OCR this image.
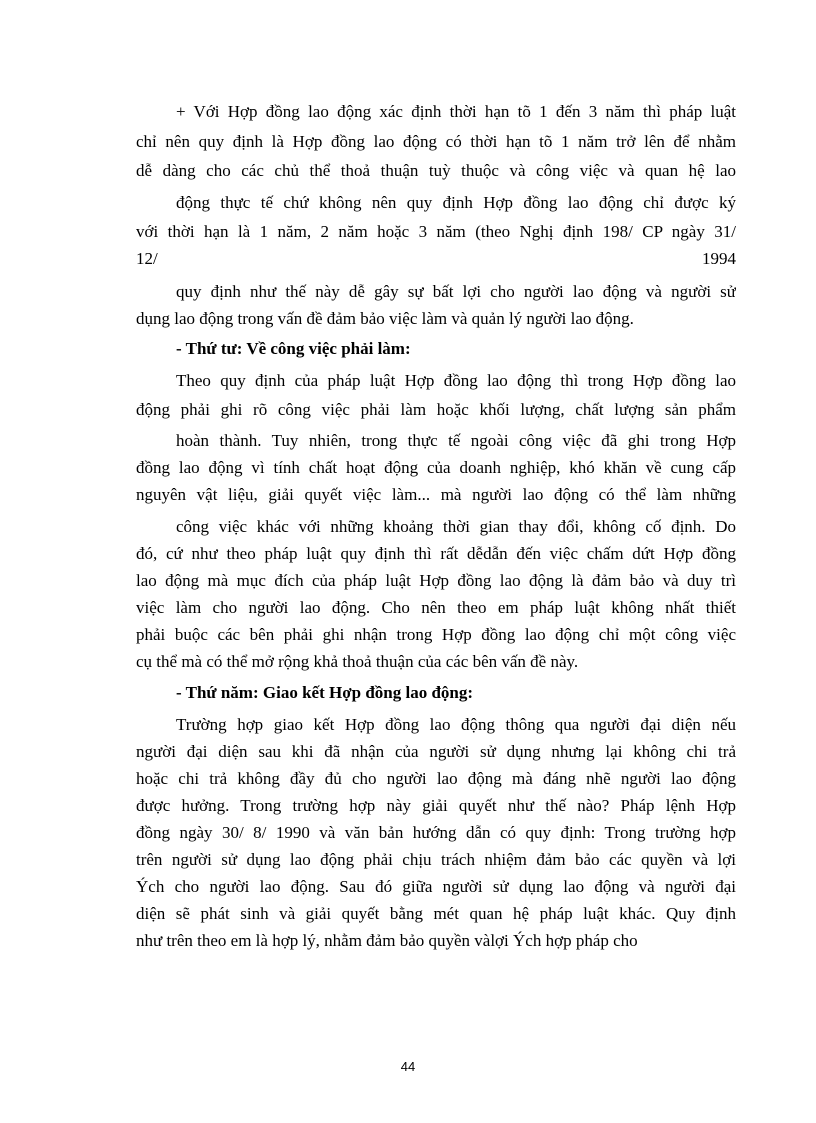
+ Với Hợp đồng lao động xác định thời hạn tõ 1 đến 3 năm thì pháp luật
chỉ nên quy định là Hợp đồng lao động có thời hạn tõ 1 năm trở lên để nhằm
dễ dàng cho các chủ thể thoả thuận tuỳ thuộc và công việc và quan hệ lao
động thực tế chứ không nên quy định Hợp đồng lao động chỉ được ký
với thời hạn là 1 năm, 2 năm hoặc 3 năm (theo Nghị định 198/ CP ngày 31/
12/	1994
quy định như thế này dễ gây sự bất lợi cho người lao động và người sử
dụng lao động trong vấn đề đảm bảo việc làm và quản lý người lao động.
- Thứ tư: Về công việc phải làm:
Theo quy định của pháp luật Hợp đồng lao động thì trong Hợp đồng lao
động phải ghi rõ công việc phải làm hoặc khối lượng, chất lượng sản phẩm
hoàn thành. Tuy nhiên, trong thực tế ngoài công việc đã ghi trong Hợp
đồng lao động vì tính chất hoạt động của doanh nghiệp, khó khăn về cung cấp
nguyên vật liệu, giải quyết việc làm... mà người lao động có thể làm những
công việc khác với những khoảng thời gian thay đổi, không cố định. Do
đó, cứ như theo pháp luật quy định thì rất dễdẫn đến việc chấm dứt Hợp đồng
lao động mà mục đích của pháp luật Hợp đồng lao động là đảm bảo và duy trì
việc làm cho người lao động. Cho nên theo em pháp luật không nhất thiết
phải buộc các bên phải ghi nhận trong Hợp đồng lao động chỉ một công việc
cụ thể mà có thể mở rộng khả thoả thuận của các bên vấn đề này.
- Thứ năm: Giao kết Hợp đồng lao động:
Trường hợp giao kết Hợp đồng lao động thông qua người đại diện nếu
người đại diện sau khi đã nhận của người sử dụng nhưng lại không chi trả
hoặc chi trả không đầy đủ cho người lao động mà đáng nhẽ người lao động
được hưởng. Trong trường hợp này giải quyết như thế nào? Pháp lệnh Hợp
đồng ngày 30/ 8/ 1990 và văn bản hướng dẫn có quy định: Trong trường hợp
trên người sử dụng lao động phải chịu trách nhiệm đảm bảo các quyền và lợi
Ých cho người lao động. Sau đó giữa người sử dụng lao động và người đại
diện sẽ phát sinh và giải quyết bằng mét quan hệ pháp luật khác. Quy định
như trên theo em là hợp lý, nhằm đảm bảo quyền vàlợi Ých hợp pháp cho
44
